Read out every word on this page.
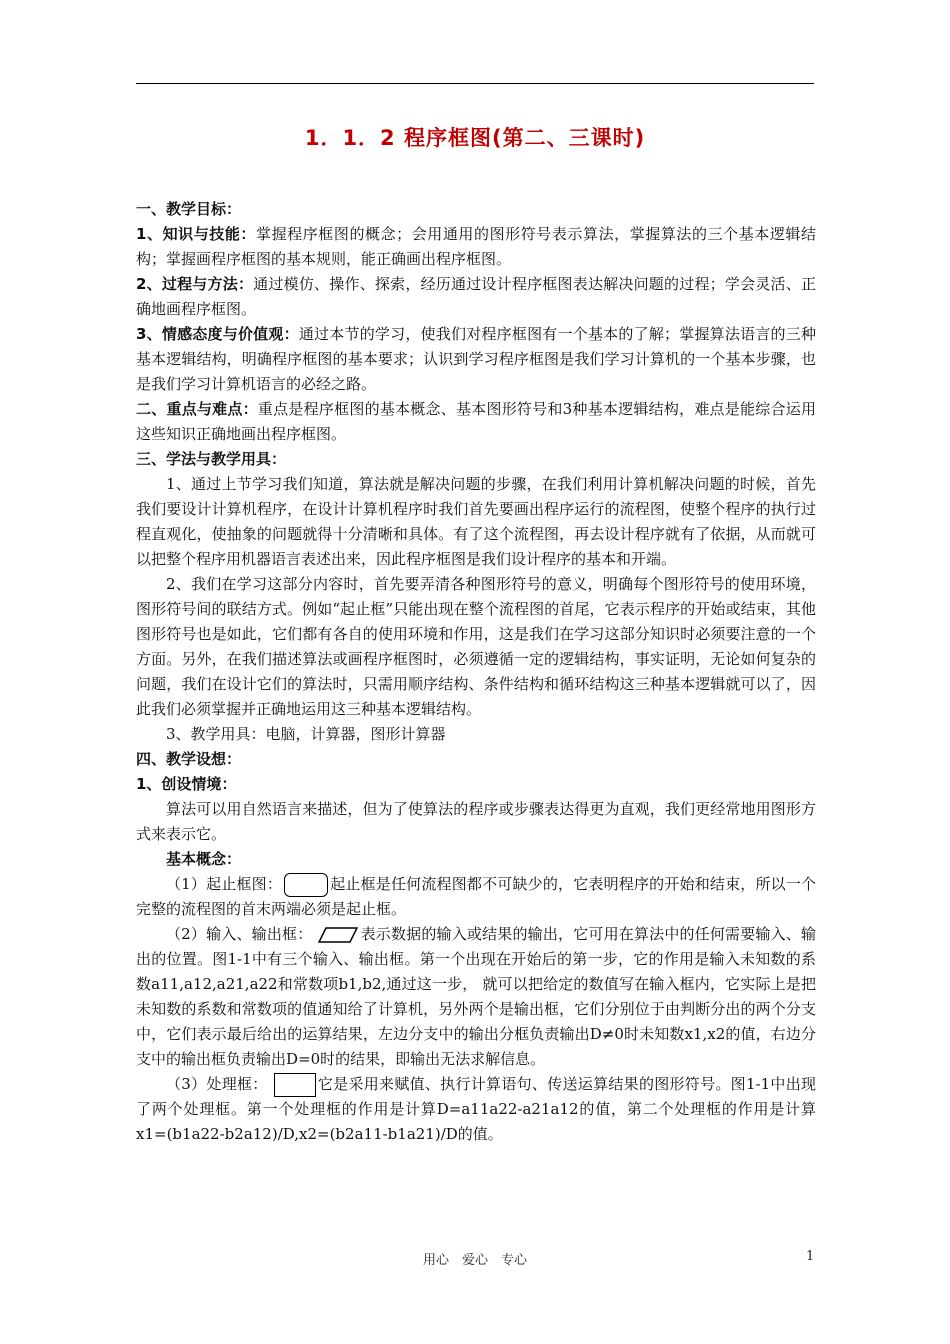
1．1．2 程序框图(第二、三课时)

一、教学目标：

1、知识与技能：掌握程序框图的概念；会用通用的图形符号表示算法，掌握算法的三个基本逻辑结构；掌握画程序框图的基本规则，能正确画出程序框图。

2、过程与方法：通过模仿、操作、探索，经历通过设计程序框图表达解决问题的过程；学会灵活、正确地画程序框图。

3、情感态度与价值观：通过本节的学习，使我们对程序框图有一个基本的了解；掌握算法语言的三种基本逻辑结构，明确程序框图的基本要求；认识到学习程序框图是我们学习计算机的一个基本步骤，也是我们学习计算机语言的必经之路。

二、重点与难点：重点是程序框图的基本概念、基本图形符号和3种基本逻辑结构，难点是能综合运用这些知识正确地画出程序框图。

三、学法与教学用具：

1、通过上节学习我们知道，算法就是解决问题的步骤，在我们利用计算机解决问题的时候，首先我们要设计计算机程序，在设计计算机程序时我们首先要画出程序运行的流程图，使整个程序的执行过程直观化，使抽象的问题就得十分清晰和具体。有了这个流程图，再去设计程序就有了依据，从而就可以把整个程序用机器语言表述出来，因此程序框图是我们设计程序的基本和开端。

2、我们在学习这部分内容时，首先要弄清各种图形符号的意义，明确每个图形符号的使用环境，图形符号间的联结方式。例如“起止框”只能出现在整个流程图的首尾，它表示程序的开始或结束，其他图形符号也是如此，它们都有各自的使用环境和作用，这是我们在学习这部分知识时必须要注意的一个方面。另外，在我们描述算法或画程序框图时，必须遵循一定的逻辑结构，事实证明，无论如何复杂的问题，我们在设计它们的算法时，只需用顺序结构、条件结构和循环结构这三种基本逻辑就可以了，因此我们必须掌握并正确地运用这三种基本逻辑结构。

3、教学用具：电脑，计算器，图形计算器

四、教学设想：

1、创设情境：

算法可以用自然语言来描述，但为了使算法的程序或步骤表达得更为直观，我们更经常地用图形方式来表示它。

基本概念：

（1）起止框图：	起止框是任何流程图都不可缺少的，它表明程序的开始和结束，所以一个完整的流程图的首末两端必须是起止框。

（2）输入、输出框：	表示数据的输入或结果的输出，它可用在算法中的任何需要输入、输出的位置。图1-1中有三个输入、输出框。第一个出现在开始后的第一步，它的作用是输入未知数的系数a11,a12,a21,a22和常数项b1,b2,通过这一步， 就可以把给定的数值写在输入框内，它实际上是把未知数的系数和常数项的值通知给了计算机，另外两个是输出框，它们分别位于由判断分出的两个分支中，它们表示最后给出的运算结果，左边分支中的输出分框负责输出D≠0时未知数x1,x2的值，右边分支中的输出框负责输出D=0时的结果，即输出无法求解信息。

（3）处理框：	它是采用来赋值、执行计算语句、传送运算结果的图形符号。图1-1中出现了两个处理框。第一个处理框的作用是计算D=a11a22-a21a12的值，第二个处理框的作用是计算x1=(b1a22-b2a12)/D,x2=(b2a11-b1a21)/D的值。

用心　爱心　专心	1
